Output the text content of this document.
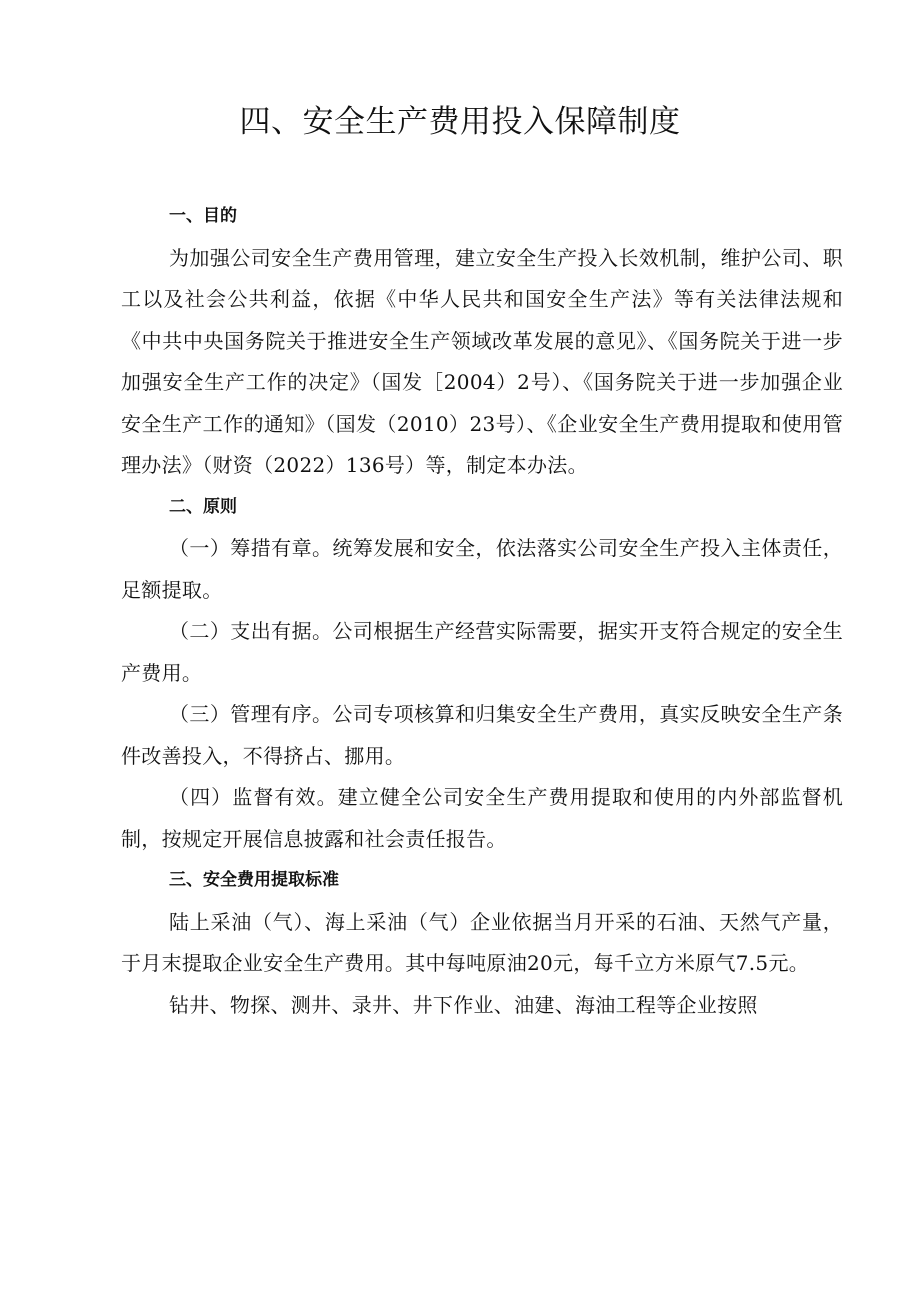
四、安全生产费用投入保障制度
一、目的

为加强公司安全生产费用管理，建立安全生产投入长效机制，维护公司、职工以及社会公共利益，依据《中华人民共和国安全生产法》等有关法律法规和《中共中央国务院关于推进安全生产领域改革发展的意见》、《国务院关于进一步加强安全生产工作的决定》（国发［2004）2号）、《国务院关于进一步加强企业安全生产工作的通知》（国发（2010）23号）、《企业安全生产费用提取和使用管理办法》（财资（2022）136号）等，制定本办法。

二、原则

（一）筹措有章。统筹发展和安全，依法落实公司安全生产投入主体责任，足额提取。

（二）支出有据。公司根据生产经营实际需要，据实开支符合规定的安全生产费用。

（三）管理有序。公司专项核算和归集安全生产费用，真实反映安全生产条件改善投入，不得挤占、挪用。

（四）监督有效。建立健全公司安全生产费用提取和使用的内外部监督机制，按规定开展信息披露和社会责任报告。

三、安全费用提取标准

陆上采油（气）、海上采油（气）企业依据当月开采的石油、天然气产量，于月末提取企业安全生产费用。其中每吨原油20元，每千立方米原气7.5元。

钻井、物探、测井、录井、井下作业、油建、海油工程等企业按照
